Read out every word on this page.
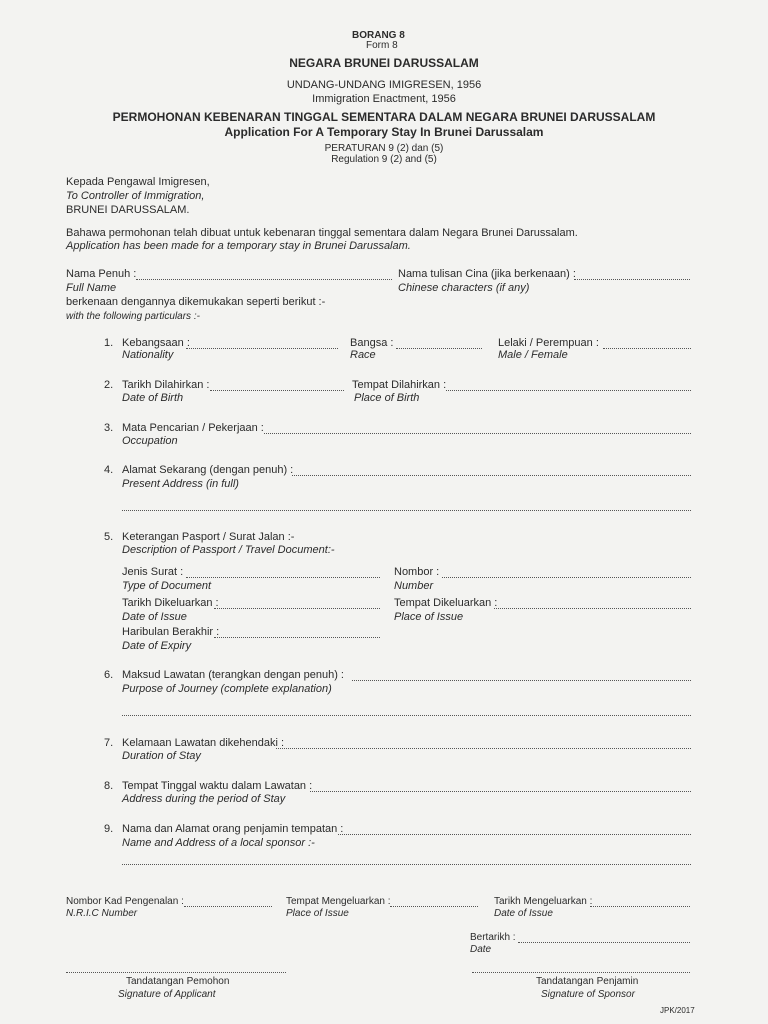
BORANG 8
Form 8
NEGARA BRUNEI DARUSSALAM
UNDANG-UNDANG IMIGRESEN, 1956
Immigration Enactment, 1956
PERMOHONAN KEBENARAN TINGGAL SEMENTARA DALAM NEGARA BRUNEI DARUSSALAM
Application For A Temporary Stay In Brunei Darussalam
PERATURAN 9 (2) dan (5)
Regulation 9 (2) and (5)
Kepada Pengawal Imigresen,
To Controller of Immigration,
BRUNEI DARUSSALAM.
Bahawa permohonan telah dibuat untuk kebenaran tinggal sementara dalam Negara Brunei Darussalam.
Application has been made for a temporary stay in Brunei Darussalam.
Nama Penuh :
Full Name
Nama tulisan Cina (jika berkenaan) :
Chinese characters (if any)
berkenaan dengannya dikemukakan seperti berikut :-
with the following particulars :-
1. Kebangsaan :
Nationality
Bangsa :
Race
Lelaki / Perempuan :
Male / Female
2. Tarikh Dilahirkan :
Date of Birth
Tempat Dilahirkan :
Place of Birth
3. Mata Pencarian / Pekerjaan :
Occupation
4. Alamat Sekarang (dengan penuh) :
Present Address (in full)
5. Keterangan Pasport / Surat Jalan :-
Description of Passport / Travel Document:-
Jenis Surat :
Type of Document
Nombor :
Number
Tarikh Dikeluarkan :
Date of Issue
Tempat Dikeluarkan :
Place of Issue
Haribulan Berakhir :
Date of Expiry
6. Maksud Lawatan (terangkan dengan penuh) :
Purpose of Journey (complete explanation)
7. Kelamaan Lawatan dikehendaki :
Duration of Stay
8. Tempat Tinggal waktu dalam Lawatan :
Address during the period of Stay
9. Nama dan Alamat orang penjamin tempatan :
Name and Address of a local sponsor :-
Nombor Kad Pengenalan :
N.R.I.C Number
Tempat Mengeluarkan :
Place of Issue
Tarikh Mengeluarkan :
Date of Issue
Bertarikh :
Date
Tandatangan Pemohon
Signature of Applicant
Tandatangan Penjamin
Signature of Sponsor
JPK/2017
